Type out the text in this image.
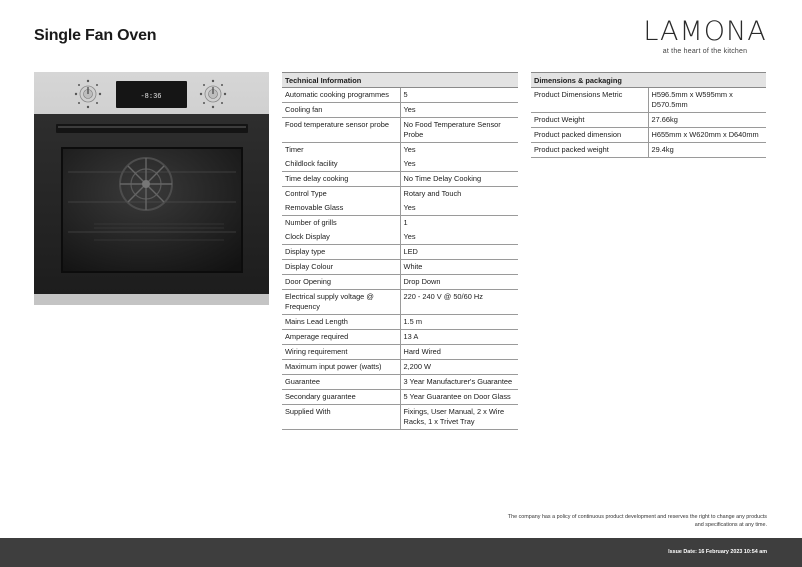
Single Fan Oven	LAMONA
at the heart of the kitchen
-8:36
Technical Information	
Automatic cooking programmes	5
Cooling fan	Yes
Food temperature sensor probe	No Food Temperature Sensor Probe
Timer	Yes
Childlock facility	Yes
Time delay cooking	No Time Delay Cooking
Control Type	Rotary and Touch
Removable Glass	Yes
Number of grills	1
Clock Display	Yes
Display type	LED
Display Colour	White
Door Opening	Drop Down
Electrical supply voltage @ Frequency	220 - 240 V @ 50/60 Hz
Mains Lead Length	1.5 m
Amperage required	13 A
Wiring requirement	Hard Wired
Maximum input power (watts)	2,200 W
Guarantee	3 Year Manufacturer's Guarantee
Secondary guarantee	5 Year Guarantee on Door Glass
Supplied With	Fixings, User Manual, 2 x Wire Racks, 1 x Trivet Tray
Dimensions & packaging	
Product Dimensions Metric	H596.5mm x W595mm x D570.5mm
Product Weight	27.66kg
Product packed dimension	H655mm x W620mm x D640mm
Product packed weight	29.4kg
The company has a policy of continuous product development and reserves the right to change any products and specifications at any time.
Issue Date: 16 February 2023 10:54 am
